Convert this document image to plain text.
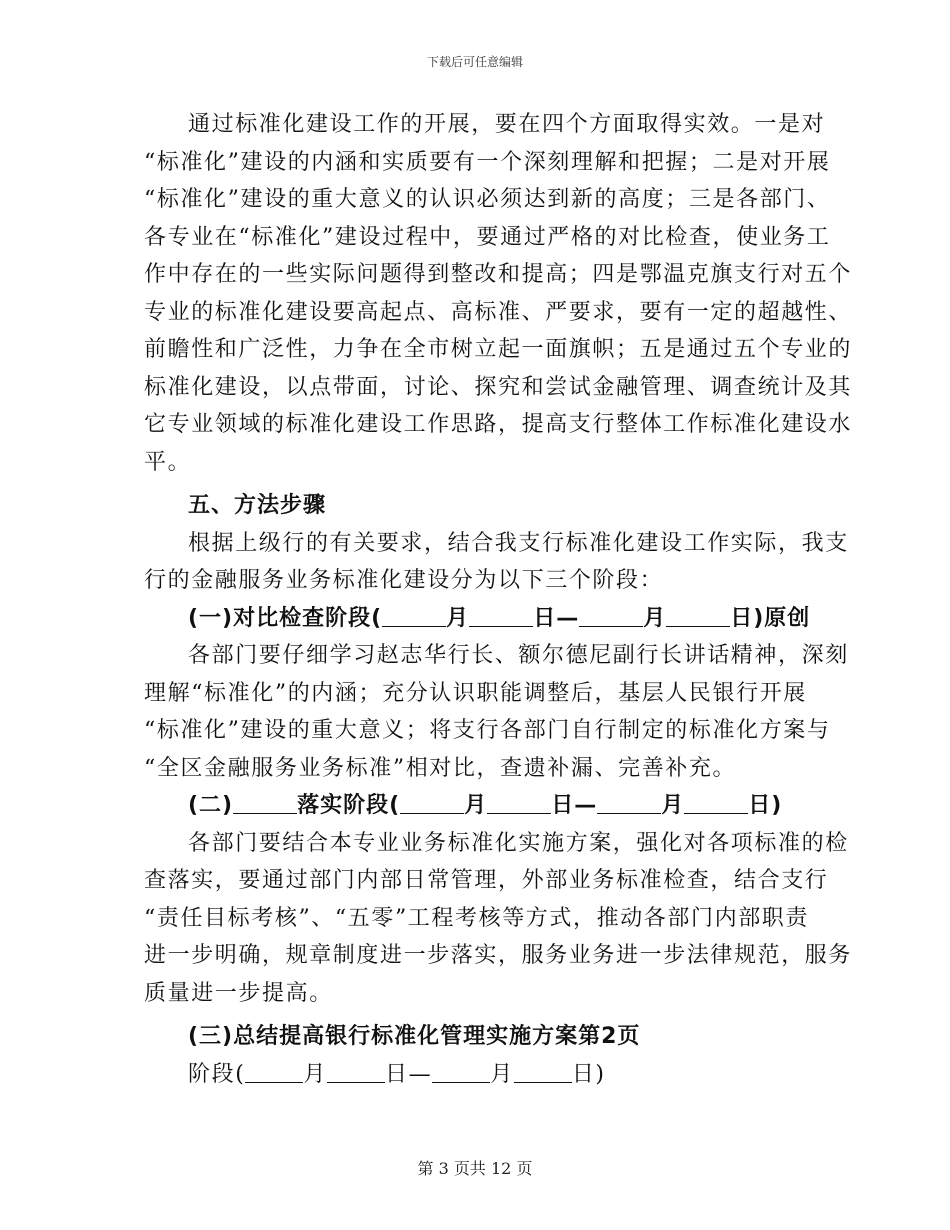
下载后可任意编辑
通过标准化建设工作的开展，要在四个方面取得实效。一是对
“标准化”建设的内涵和实质要有一个深刻理解和把握；二是对开展
“标准化”建设的重大意义的认识必须达到新的高度；三是各部门、
各专业在“标准化”建设过程中，要通过严格的对比检查，使业务工
作中存在的一些实际问题得到整改和提高；四是鄂温克旗支行对五个
专业的标准化建设要高起点、高标准、严要求，要有一定的超越性、
前瞻性和广泛性，力争在全市树立起一面旗帜；五是通过五个专业的
标准化建设，以点带面，讨论、探究和尝试金融管理、调查统计及其
它专业领域的标准化建设工作思路，提高支行整体工作标准化建设水
平。
五、方法步骤
根据上级行的有关要求，结合我支行标准化建设工作实际，我支
行的金融服务业务标准化建设分为以下三个阶段：
(一)对比检查阶段(	月	日—	月	日)原创
各部门要仔细学习赵志华行长、额尔德尼副行长讲话精神，深刻
理解“标准化”的内涵；充分认识职能调整后，基层人民银行开展
“标准化”建设的重大意义；将支行各部门自行制定的标准化方案与
“全区金融服务业务标准”相对比，查遗补漏、完善补充。
(二)	落实阶段(	月	日—	月	日)
各部门要结合本专业业务标准化实施方案，强化对各项标准的检
查落实，要通过部门内部日常管理，外部业务标准检查，结合支行
“责任目标考核”、“五零”工程考核等方式，推动各部门内部职责
进一步明确，规章制度进一步落实，服务业务进一步法律规范，服务
质量进一步提高。
(三)总结提高银行标准化管理实施方案第2页
阶段(	月	日—	月	日)
第 3 页共 12 页
